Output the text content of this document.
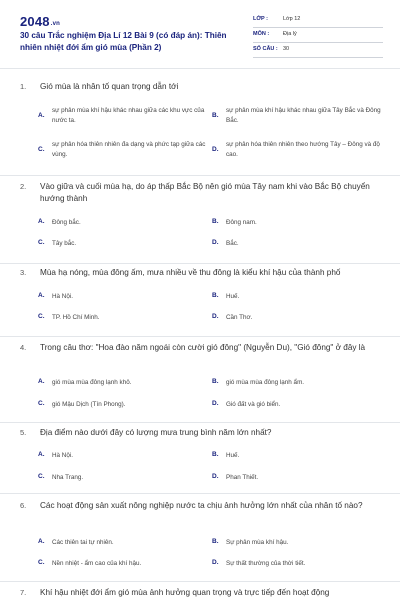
2048.vn
30 câu Trắc nghiệm Địa Lí 12 Bài 9 (có đáp án): Thiên nhiên nhiệt đới ẩm gió mùa (Phần 2)
LỚP :	Lớp 12
MÔN :	Địa lý
SỐ CÂU : 30
1. Gió mùa là nhân tố quan trọng dẫn tới
A.
sự phân mùa khí hậu khác nhau giữa các khu vực của nước ta.
B.
sự phân mùa khí hậu khác nhau giữa Tây Bắc và Đông Bắc.
C.
sự phân hóa thiên nhiên đa dạng và phức tạp giữa các vùng.
D.
sự phân hóa thiên nhiên theo hướng Tây – Đông và độ cao.
2. Vào giữa và cuối mùa hạ, do áp thấp Bắc Bộ nên gió mùa Tây nam khi vào Bắc Bộ chuyển hướng thành
A. Đông bắc.	B. Đông nam.
C. Tây bắc.	D. Bắc.
3. Mùa hạ nóng, mùa đông ấm, mưa nhiều về thu đông là kiểu khí hậu của thành phố
A. Hà Nội.	B. Huế.
C. TP. Hồ Chí Minh.	D. Cần Thơ.
4. Trong câu thơ: "Hoa đào năm ngoái còn cười gió đông" (Nguyễn Du), "Gió đông" ở đây là
A. gió mùa mùa đông lạnh khô.	B. gió mùa mùa đông lạnh ẩm.
C. gió Mậu Dịch (Tín Phong).	D. Gió đất và gió biển.
5. Địa điểm nào dưới đây có lượng mưa trung bình năm lớn nhất?
A. Hà Nội.	B. Huế.
C. Nha Trang.	D. Phan Thiết.
6. Các hoạt động sản xuất nông nghiệp nước ta chịu ảnh hưởng lớn nhất của nhân tố nào?
A. Các thiên tai tự nhiên.	B. Sự phân mùa khí hậu.
C. Nền nhiệt - ẩm cao của khí hậu.	D. Sự thất thường của thời tiết.
7. Khí hậu nhiệt đới ẩm gió mùa ảnh hưởng quan trọng và trực tiếp đến hoạt động
